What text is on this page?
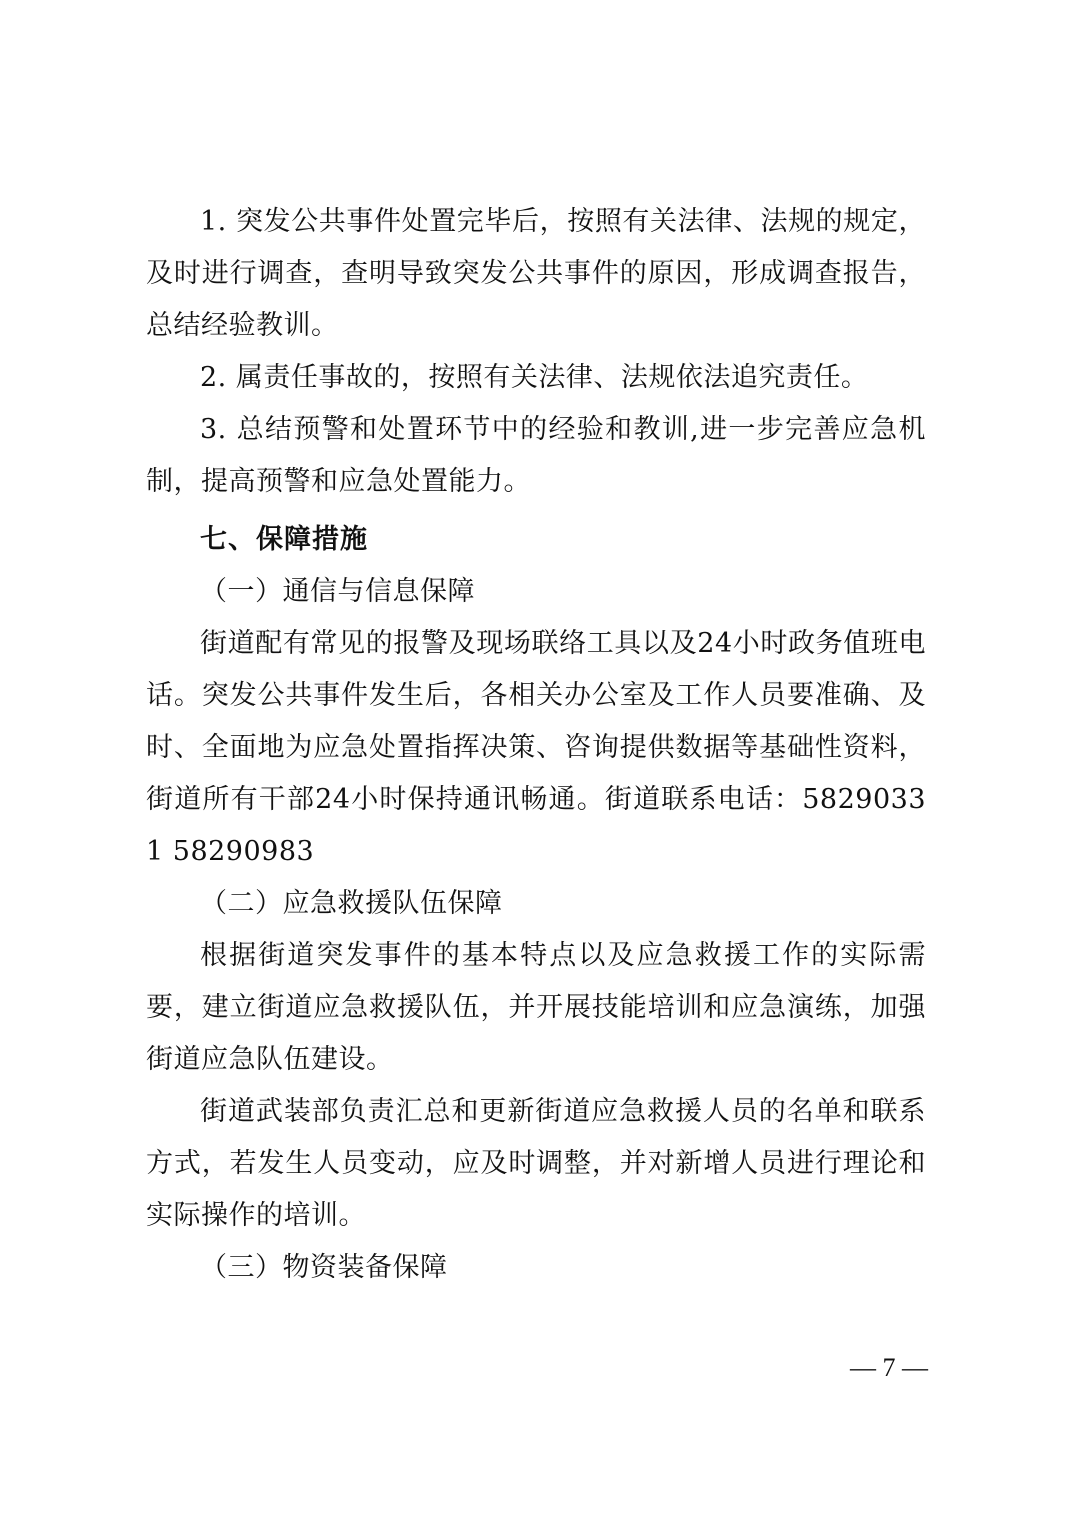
1. 突发公共事件处置完毕后，按照有关法律、法规的规定，及时进行调查，查明导致突发公共事件的原因，形成调查报告，总结经验教训。

2. 属责任事故的，按照有关法律、法规依法追究责任。

3. 总结预警和处置环节中的经验和教训,进一步完善应急机制，提高预警和应急处置能力。

七、保障措施

（一）通信与信息保障

街道配有常见的报警及现场联络工具以及24小时政务值班电话。突发公共事件发生后，各相关办公室及工作人员要准确、及时、全面地为应急处置指挥决策、咨询提供数据等基础性资料，街道所有干部24小时保持通讯畅通。街道联系电话：58290331 58290983

（二）应急救援队伍保障

根据街道突发事件的基本特点以及应急救援工作的实际需要，建立街道应急救援队伍，并开展技能培训和应急演练，加强街道应急队伍建设。

街道武装部负责汇总和更新街道应急救援人员的名单和联系方式，若发生人员变动，应及时调整，并对新增人员进行理论和实际操作的培训。

（三）物资装备保障

— 7 —
